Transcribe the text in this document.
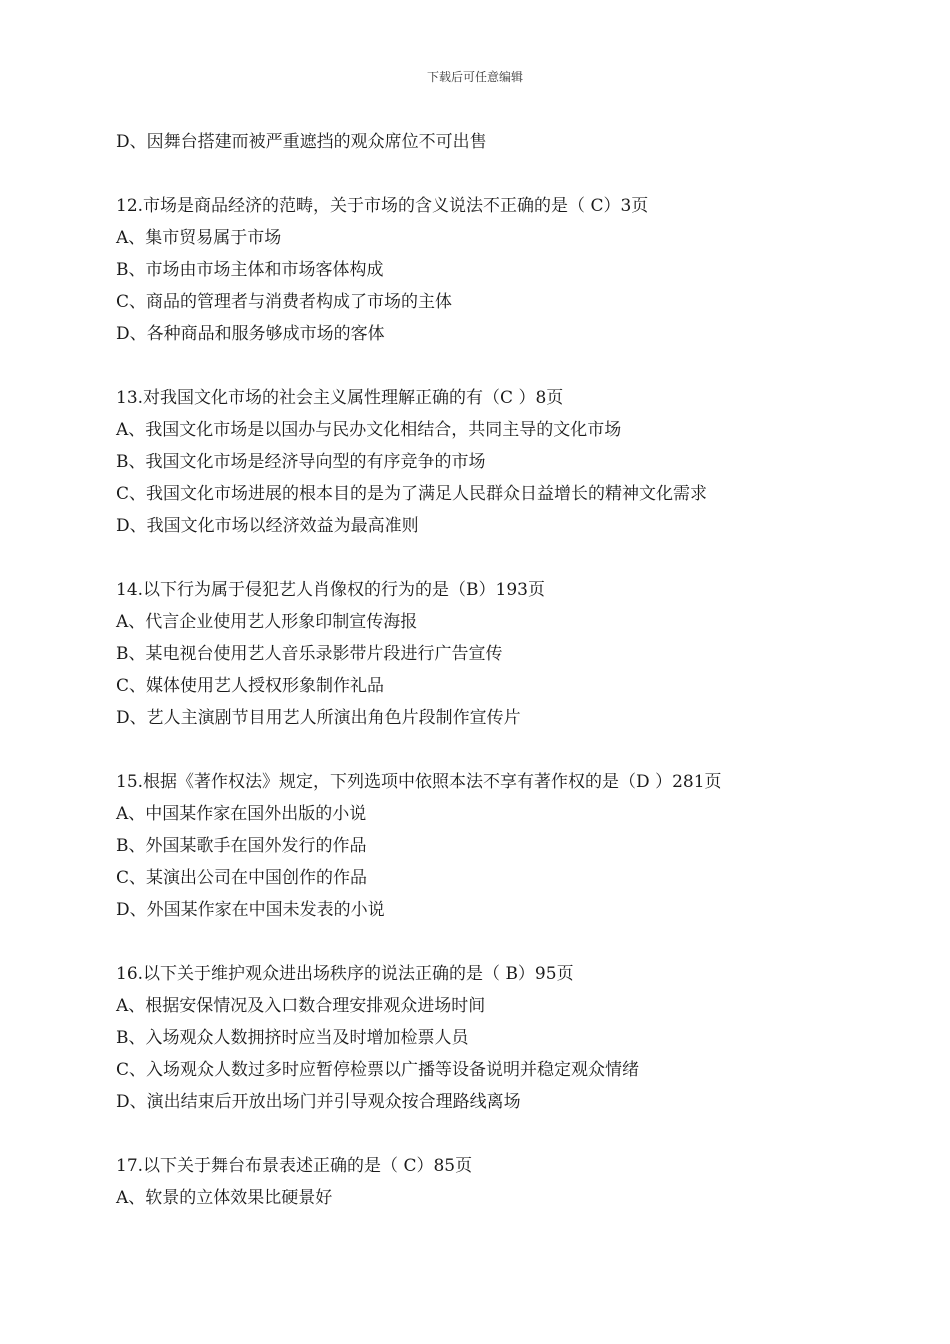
下载后可任意编辑
D、因舞台搭建而被严重遮挡的观众席位不可出售
12.市场是商品经济的范畴，关于市场的含义说法不正确的是（ C）3页
A、集市贸易属于市场
B、市场由市场主体和市场客体构成
C、商品的管理者与消费者构成了市场的主体
D、各种商品和服务够成市场的客体
13.对我国文化市场的社会主义属性理解正确的有（C ）8页
A、我国文化市场是以国办与民办文化相结合，共同主导的文化市场
B、我国文化市场是经济导向型的有序竞争的市场
C、我国文化市场进展的根本目的是为了满足人民群众日益增长的精神文化需求
D、我国文化市场以经济效益为最高准则
14.以下行为属于侵犯艺人肖像权的行为的是（B）193页
A、代言企业使用艺人形象印制宣传海报
B、某电视台使用艺人音乐录影带片段进行广告宣传
C、媒体使用艺人授权形象制作礼品
D、艺人主演剧节目用艺人所演出角色片段制作宣传片
15.根据《著作权法》规定，下列选项中依照本法不享有著作权的是（D ）281页
A、中国某作家在国外出版的小说
B、外国某歌手在国外发行的作品
C、某演出公司在中国创作的作品
D、外国某作家在中国未发表的小说
16.以下关于维护观众进出场秩序的说法正确的是（ B）95页
A、根据安保情况及入口数合理安排观众进场时间
B、入场观众人数拥挤时应当及时增加检票人员
C、入场观众人数过多时应暂停检票以广播等设备说明并稳定观众情绪
D、演出结束后开放出场门并引导观众按合理路线离场
17.以下关于舞台布景表述正确的是（ C）85页
A、软景的立体效果比硬景好
